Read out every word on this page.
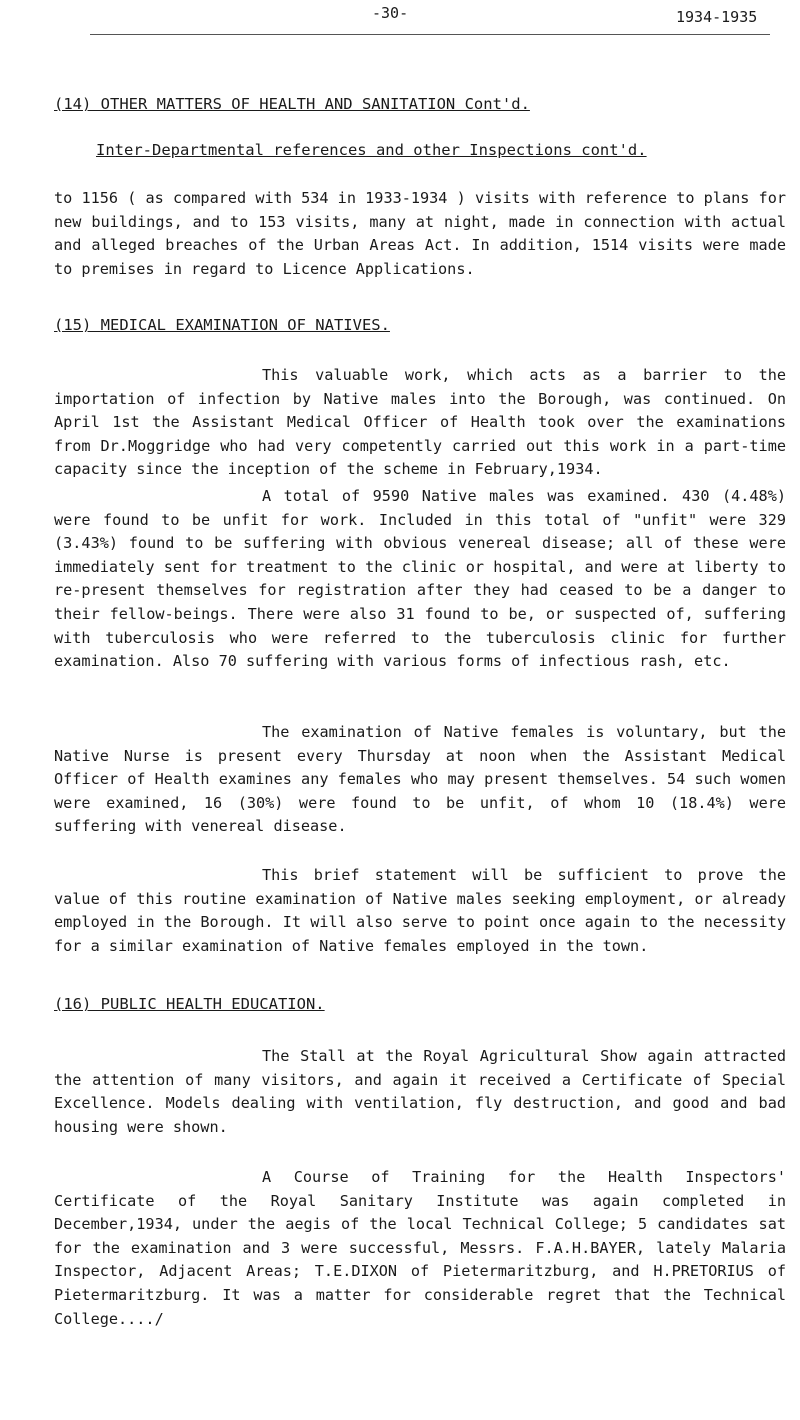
-30-	1934-1935
(14) OTHER MATTERS OF HEALTH AND SANITATION Cont'd.
Inter-Departmental references and other Inspections cont'd.

to 1156 ( as compared with 534 in 1933-1934 ) visits with reference to plans for new buildings, and to 153 visits, many at night, made in connection with actual and alleged breaches of the Urban Areas Act. In addition, 1514 visits were made to premises in regard to Licence Applications.

(15) MEDICAL EXAMINATION OF NATIVES.

This valuable work, which acts as a barrier to the importation of infection by Native males into the Borough, was continued. On April 1st the Assistant Medical Officer of Health took over the examinations from Dr.Moggridge who had very competently carried out this work in a part-time capacity since the inception of the scheme in February,1934.

A total of 9590 Native males was examined. 430 (4.48%) were found to be unfit for work. Included in this total of "unfit" were 329 (3.43%) found to be suffering with obvious venereal disease; all of these were immediately sent for treatment to the clinic or hospital, and were at liberty to re-present themselves for registration after they had ceased to be a danger to their fellow-beings. There were also 31 found to be, or suspected of, suffering with tuberculosis who were referred to the tuberculosis clinic for further examination. Also 70 suffering with various forms of infectious rash, etc.

The examination of Native females is voluntary, but the Native Nurse is present every Thursday at noon when the Assistant Medical Officer of Health examines any females who may present themselves. 54 such women were examined, 16 (30%) were found to be unfit, of whom 10 (18.4%) were suffering with venereal disease.

This brief statement will be sufficient to prove the value of this routine examination of Native males seeking employment, or already employed in the Borough. It will also serve to point once again to the necessity for a similar examination of Native females employed in the town.

(16) PUBLIC HEALTH EDUCATION.

The Stall at the Royal Agricultural Show again attracted the attention of many visitors, and again it received a Certificate of Special Excellence. Models dealing with ventilation, fly destruction, and good and bad housing were shown.

A Course of Training for the Health Inspectors' Certificate of the Royal Sanitary Institute was again completed in December,1934, under the aegis of the local Technical College; 5 candidates sat for the examination and 3 were successful, Messrs. F.A.H.BAYER, lately Malaria Inspector, Adjacent Areas; T.E.DIXON of Pietermaritzburg, and H.PRETORIUS of Pietermaritzburg. It was a matter for considerable regret that the Technical College..../
